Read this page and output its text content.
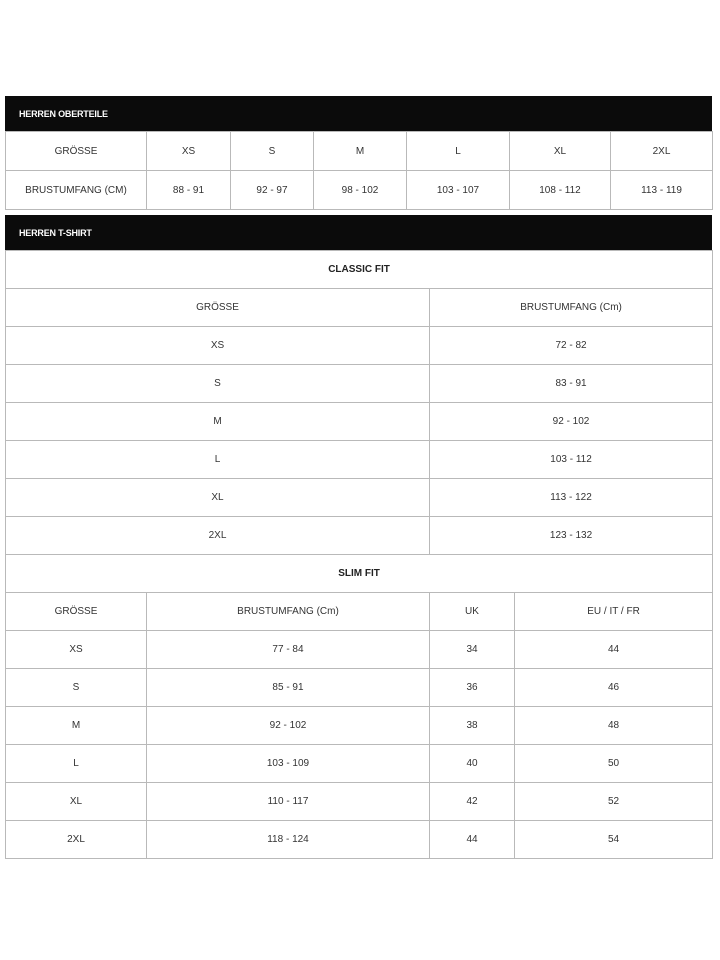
HERREN OBERTEILE
GRÖSSE	XS	S	M	L	XL	2XL
BRUSTUMFANG (CM)	88 - 91	92 - 97	98 - 102	103 - 107	108 - 112	113 - 119
HERREN T-SHIRT
CLASSIC FIT			
GRÖSSE		BRUSTUMFANG (Cm)	
XS		72 - 82	
S		83 - 91	
M		92 - 102	
L		103 - 112	
XL		113 - 122	
2XL		123 - 132	
SLIM FIT			
GRÖSSE	BRUSTUMFANG (Cm)	UK	EU / IT / FR
XS	77 - 84	34	44
S	85 - 91	36	46
M	92 - 102	38	48
L	103 - 109	40	50
XL	110 - 117	42	52
2XL	118 - 124	44	54
